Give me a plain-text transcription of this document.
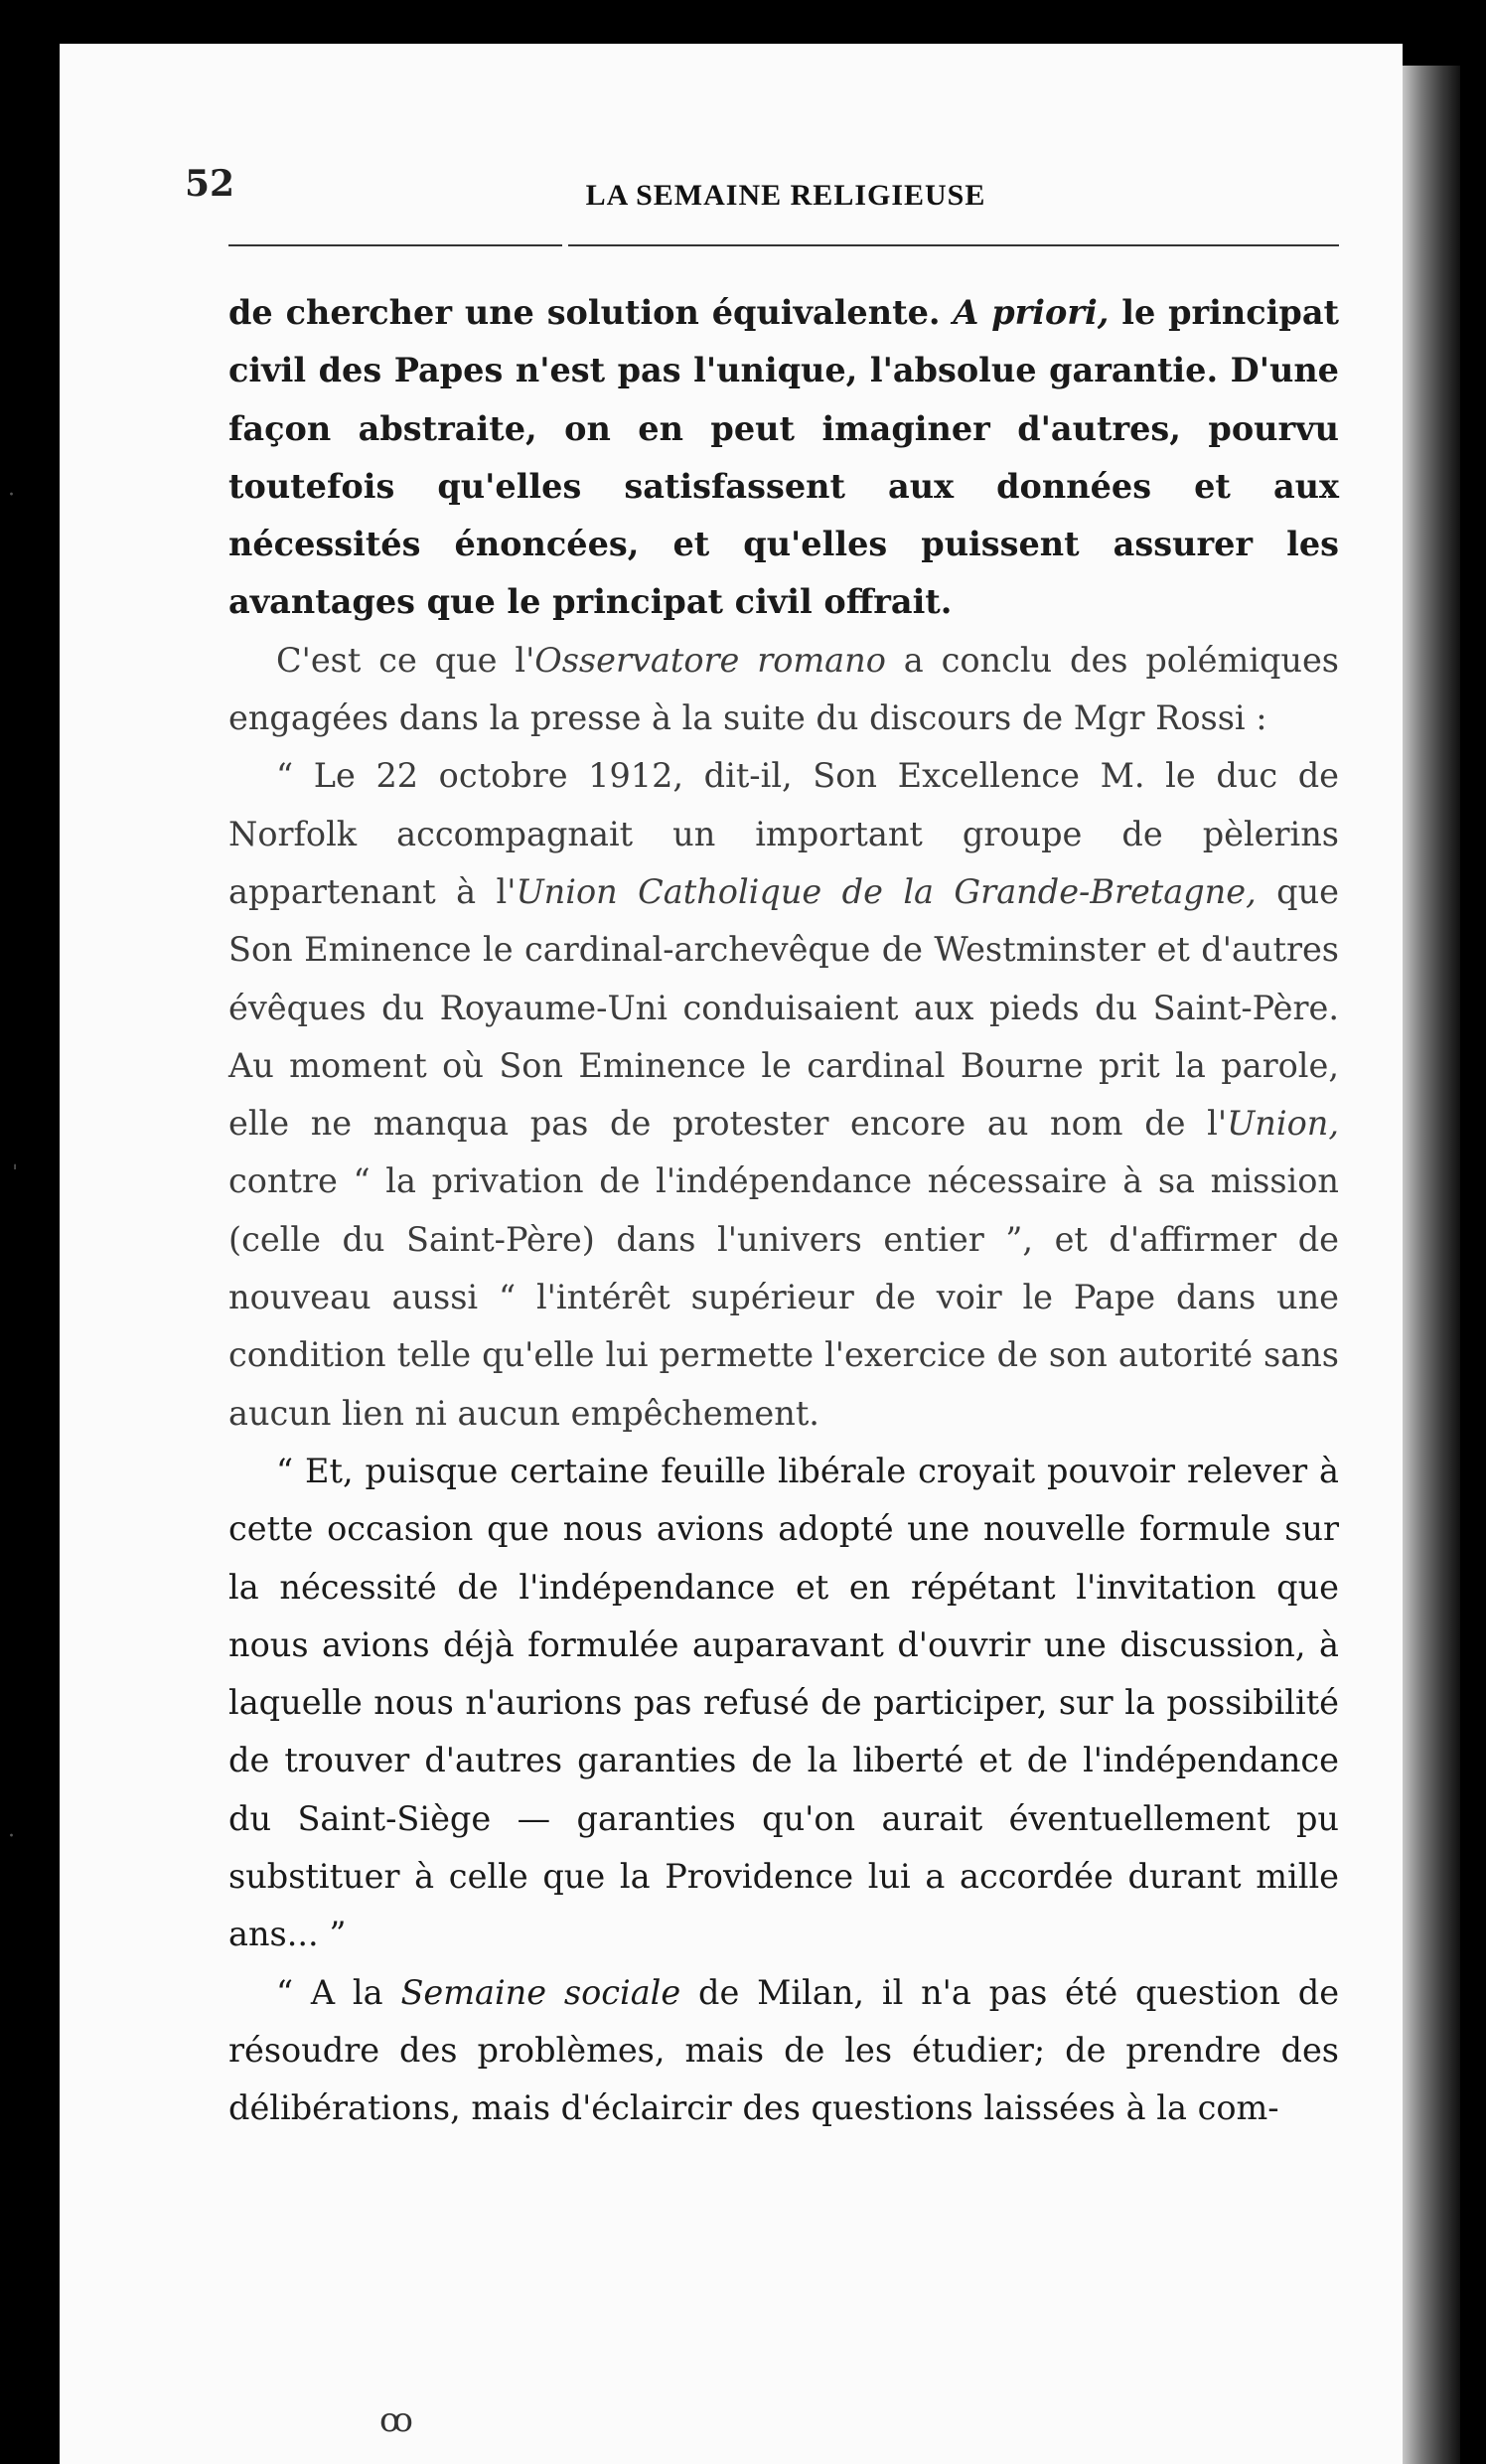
·
ˈ
·
52	LA SEMAINE RELIGIEUSE

de chercher une solution équivalente. A priori, le principat civil des Papes n'est pas l'unique, l'absolue garantie. D'une façon abstraite, on en peut imaginer d'autres, pourvu toutefois qu'elles satisfassent aux données et aux nécessités énoncées, et qu'elles puissent assurer les avantages que le principat civil offrait.

C'est ce que l'Osservatore romano a conclu des polémiques engagées dans la presse à la suite du discours de Mgr Rossi :

“ Le 22 octobre 1912, dit-il, Son Excellence M. le duc de Norfolk accompagnait un important groupe de pèlerins appartenant à l'Union Catholique de la Grande-Bretagne, que Son Eminence le cardinal-archevêque de Westminster et d'autres évêques du Royaume-Uni conduisaient aux pieds du Saint-Père. Au moment où Son Eminence le cardinal Bourne prit la parole, elle ne manqua pas de protester encore au nom de l'Union, contre “ la privation de l'indépendance nécessaire à sa mission (celle du Saint-Père) dans l'univers entier ”, et d'affirmer de nouveau aussi “ l'intérêt supérieur de voir le Pape dans une condition telle qu'elle lui permette l'exercice de son autorité sans aucun lien ni aucun empêchement.

“ Et, puisque certaine feuille libérale croyait pouvoir relever à cette occasion que nous avions adopté une nouvelle formule sur la nécessité de l'indépendance et en répétant l'invitation que nous avions déjà formulée auparavant d'ouvrir une discussion, à laquelle nous n'aurions pas refusé de participer, sur la possibilité de trouver d'autres garanties de la liberté et de l'indépendance du Saint-Siège — garanties qu'on aurait éventuellement pu substituer à celle que la Providence lui a accordée durant mille ans... ”

“ A la Semaine sociale de Milan, il n'a pas été question de résoudre des problèmes, mais de les étudier; de prendre des délibérations, mais d'éclaircir des questions laissées à la com-

ꝏ
